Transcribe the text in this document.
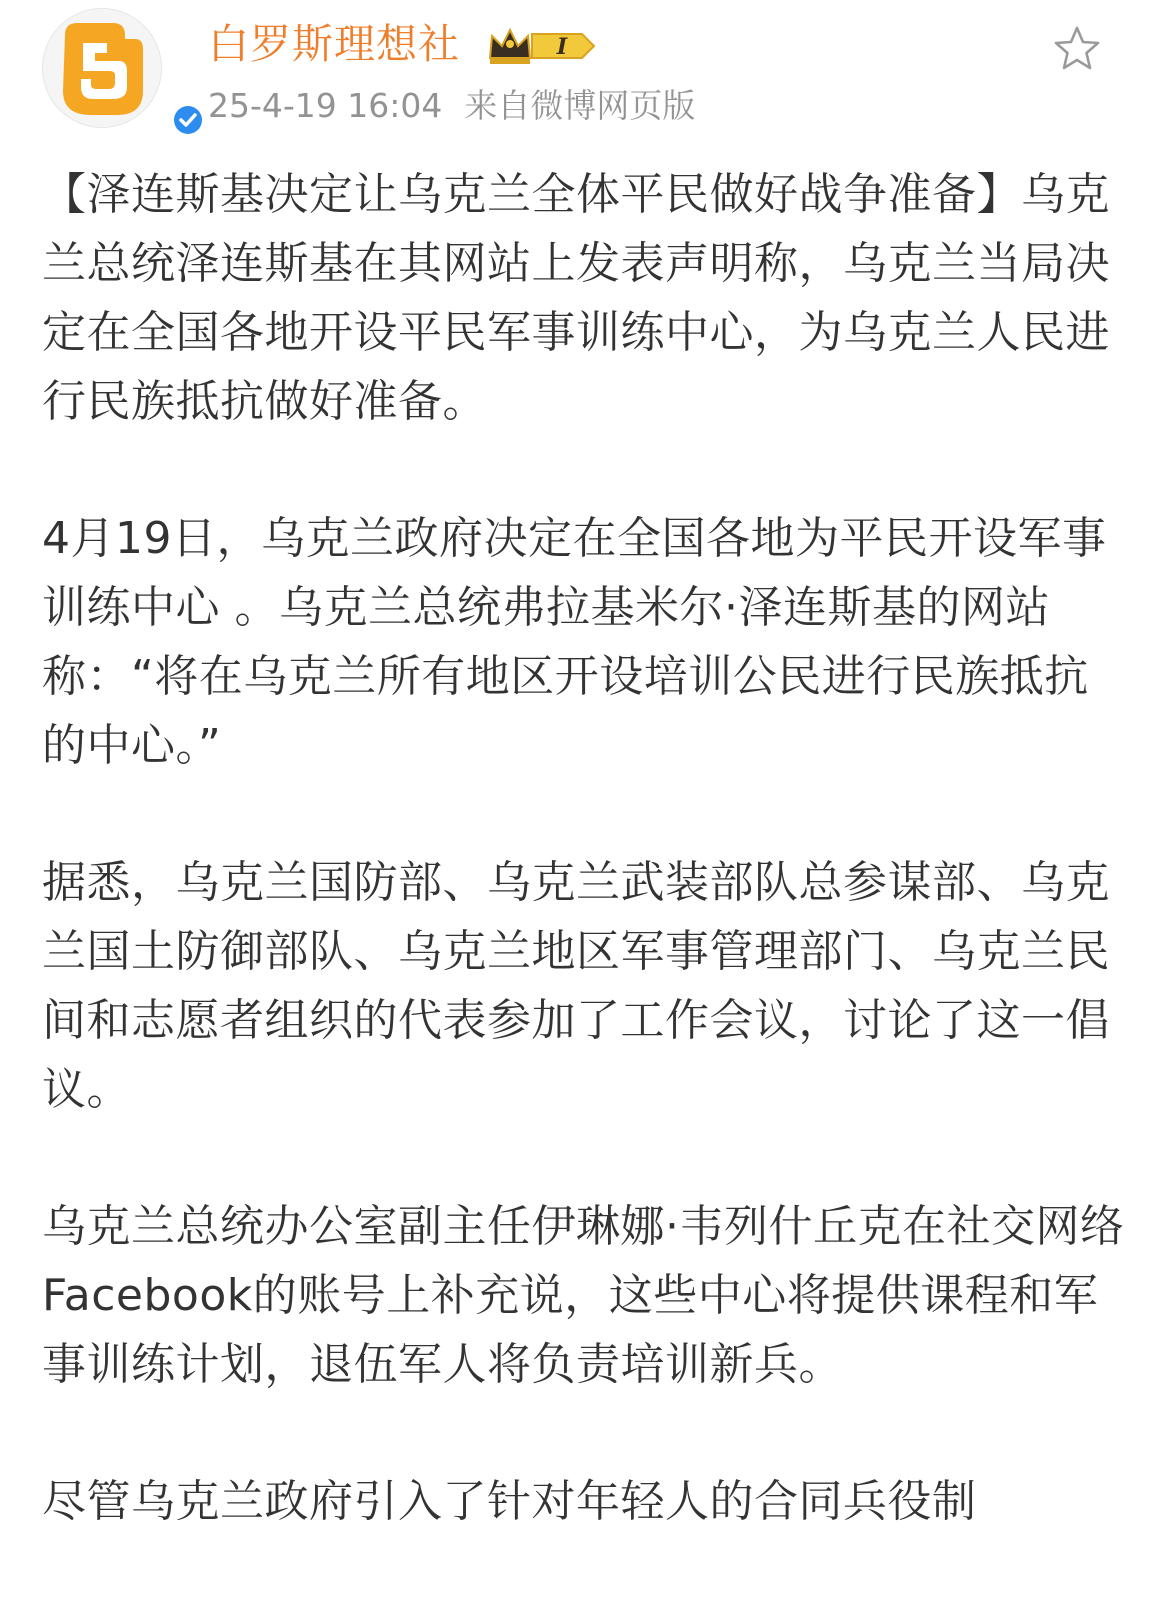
白罗斯理想社	I
25-4-19 16:04 来自微博网页版

【泽连斯基决定让乌克兰全体平民做好战争准备】乌克兰总统泽连斯基在其网站上发表声明称，乌克兰当局决定在全国各地开设平民军事训练中心，为乌克兰人民进行民族抵抗做好准备。

4月19日，乌克兰政府决定在全国各地为平民开设军事训练中心 。乌克兰总统弗拉基米尔·泽连斯基的网站称：“将在乌克兰所有地区开设培训公民进行民族抵抗的中心。”

据悉，乌克兰国防部、乌克兰武装部队总参谋部、乌克兰国土防御部队、乌克兰地区军事管理部门、乌克兰民间和志愿者组织的代表参加了工作会议，讨论了这一倡议。

乌克兰总统办公室副主任伊琳娜·韦列什丘克在社交网络 Facebook的账号上补充说，这些中心将提供课程和军事训练计划，退伍军人将负责培训新兵。

尽管乌克兰政府引入了针对年轻人的合同兵役制
